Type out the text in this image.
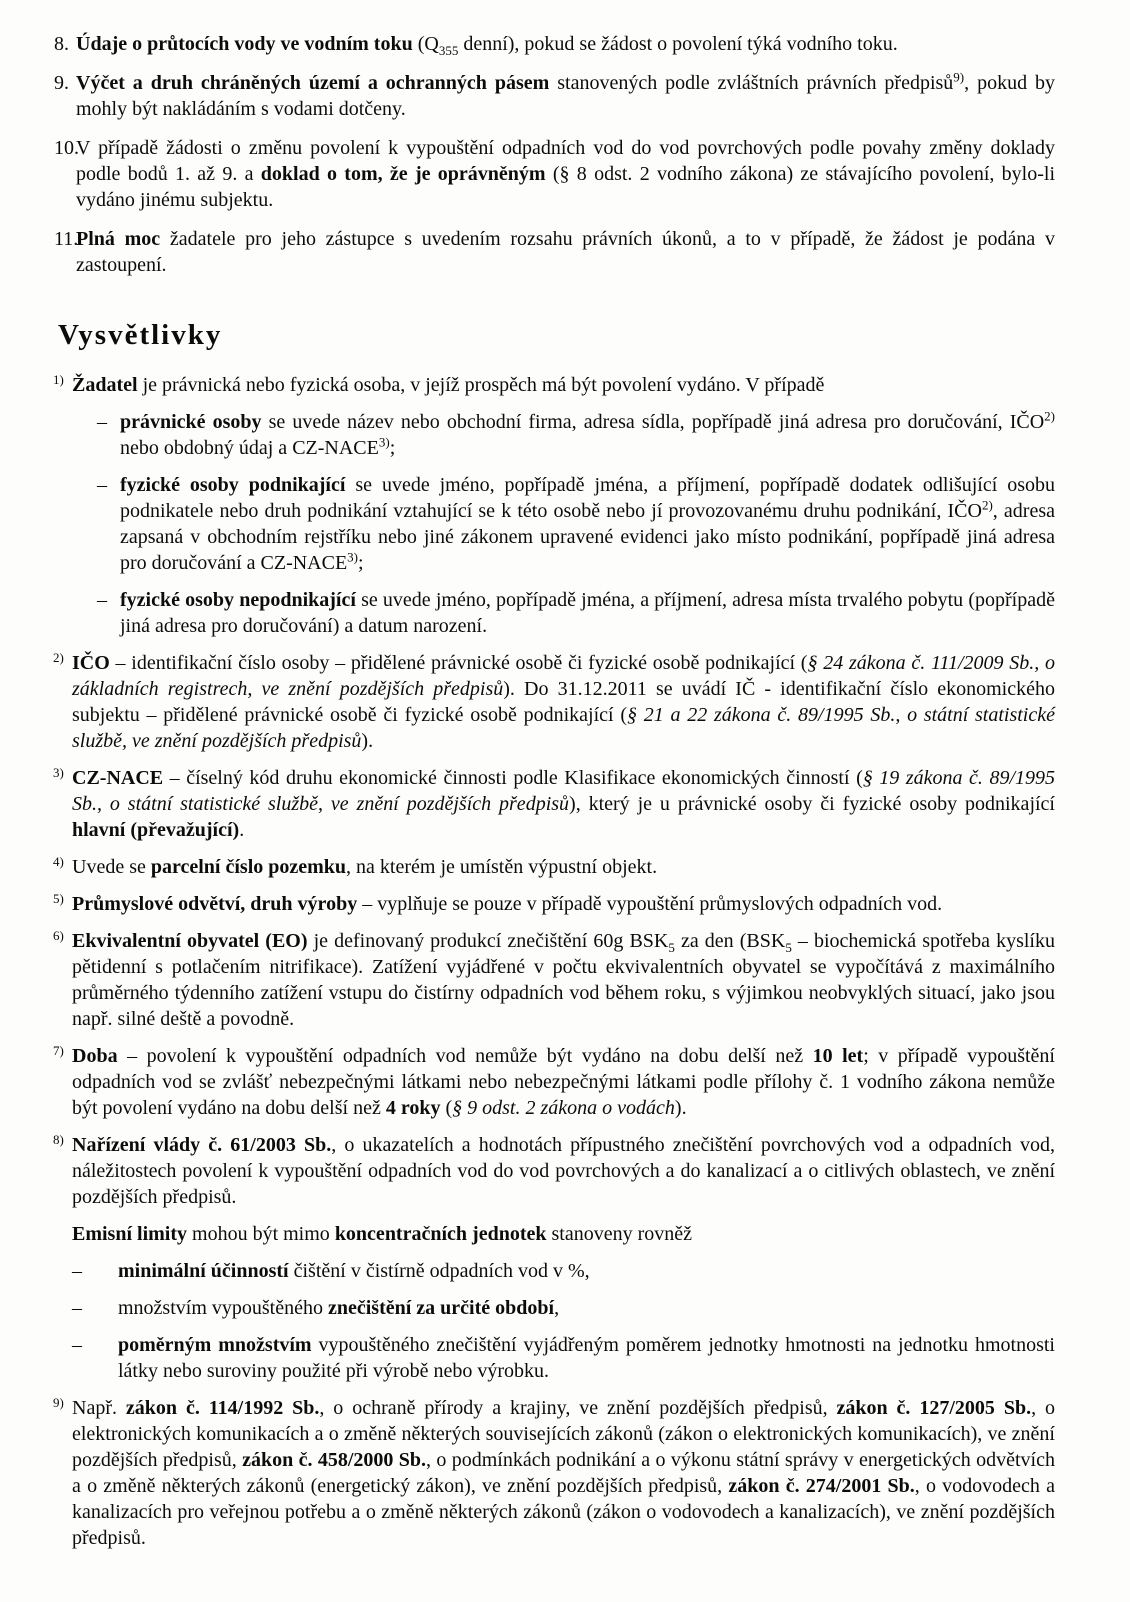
8. Údaje o průtocích vody ve vodním toku ($Q_{355}$ denní), pokud se žádost o povolení týká vodního toku.
9. Výčet a druh chráněných území a ochranných pásem stanovených podle zvláštních právních předpisů$^{9)}$, pokud by mohly být nakládáním s vodami dotčeny.
10.
V případě žádosti o změnu povolení k vypouštění odpadních vod do vod povrchových podle povahy změny doklady podle bodů 1. až 9. a doklad o tom, že je oprávněným (§ 8 odst. 2 vodního zákona) ze stávajícího povolení, bylo-li vydáno jinému subjektu.
11.
Plná moc žadatele pro jeho zástupce s uvedením rozsahu právních úkonů, a to v případě, že žádost je podána v zastoupení.
Vysvětlivky
1) Žadatel je právnická nebo fyzická osoba, v jejíž prospěch má být povolení vydáno. V případě
– právnické osoby se uvede název nebo obchodní firma, adresa sídla, popřípadě jiná adresa pro doručování, IČO$^{2)}$ nebo obdobný údaj a CZ-NACE$^{3)}$;
– fyzické osoby podnikající se uvede jméno, popřípadě jména, a příjmení, popřípadě dodatek odlišující osobu podnikatele nebo druh podnikání vztahující se k této osobě nebo jí provozovanému druhu podnikání, IČO$^{2)}$, adresa zapsaná v obchodním rejstříku nebo jiné zákonem upravené evidenci jako místo podnikání, popřípadě jiná adresa pro doručování a CZ-NACE$^{3)}$;
– fyzické osoby nepodnikající se uvede jméno, popřípadě jména, a příjmení, adresa místa trvalého pobytu (popřípadě jiná adresa pro doručování) a datum narození.
2) IČO – identifikační číslo osoby – přidělené právnické osobě či fyzické osobě podnikající (§ 24 zákona č. 111/2009 Sb., o základních registrech, ve znění pozdějších předpisů). Do 31.12.2011 se uvádí IČ - identifikační číslo ekonomického subjektu – přidělené právnické osobě či fyzické osobě podnikající (§ 21 a 22 zákona č. 89/1995 Sb., o státní statistické službě, ve znění pozdějších předpisů).
3) CZ-NACE – číselný kód druhu ekonomické činnosti podle Klasifikace ekonomických činností (§ 19 zákona č. 89/1995 Sb., o státní statistické službě, ve znění pozdějších předpisů), který je u právnické osoby či fyzické osoby podnikající hlavní (převažující).
4) Uvede se parcelní číslo pozemku, na kterém je umístěn výpustní objekt.
5) Průmyslové odvětví, druh výroby – vyplňuje se pouze v případě vypouštění průmyslových odpadních vod.
6) Ekvivalentní obyvatel (EO) je definovaný produkcí znečištění 60g $BSK_5$ za den ($BSK_5$ – biochemická spotřeba kyslíku pětidenní s potlačením nitrifikace). Zatížení vyjádřené v počtu ekvivalentních obyvatel se vypočítává z maximálního průměrného týdenního zatížení vstupu do čistírny odpadních vod během roku, s výjimkou neobvyklých situací, jako jsou např. silné deště a povodně.
7) Doba – povolení k vypouštění odpadních vod nemůže být vydáno na dobu delší než 10 let; v případě vypouštění odpadních vod se zvlášť nebezpečnými látkami nebo nebezpečnými látkami podle přílohy č. 1 vodního zákona nemůže být povolení vydáno na dobu delší než 4 roky (§ 9 odst. 2 zákona o vodách).
8) Nařízení vlády č. 61/2003 Sb., o ukazatelích a hodnotách přípustného znečištění povrchových vod a odpadních vod, náležitostech povolení k vypouštění odpadních vod do vod povrchových a do kanalizací a o citlivých oblastech, ve znění pozdějších předpisů.
Emisní limity mohou být mimo koncentračních jednotek stanoveny rovněž
– minimální účinností čištění v čistírně odpadních vod v %,
– množstvím vypouštěného znečištění za určité období,
– poměrným množstvím vypouštěného znečištění vyjádřeným poměrem jednotky hmotnosti na jednotku hmotnosti látky nebo suroviny použité při výrobě nebo výrobku.
9) Např. zákon č. 114/1992 Sb., o ochraně přírody a krajiny, ve znění pozdějších předpisů, zákon č. 127/2005 Sb., o elektronických komunikacích a o změně některých souvisejících zákonů (zákon o elektronických komunikacích), ve znění pozdějších předpisů, zákon č. 458/2000 Sb., o podmínkách podnikání a o výkonu státní správy v energetických odvětvích a o změně některých zákonů (energetický zákon), ve znění pozdějších předpisů, zákon č. 274/2001 Sb., o vodovodech a kanalizacích pro veřejnou potřebu a o změně některých zákonů (zákon o vodovodech a kanalizacích), ve znění pozdějších předpisů.
